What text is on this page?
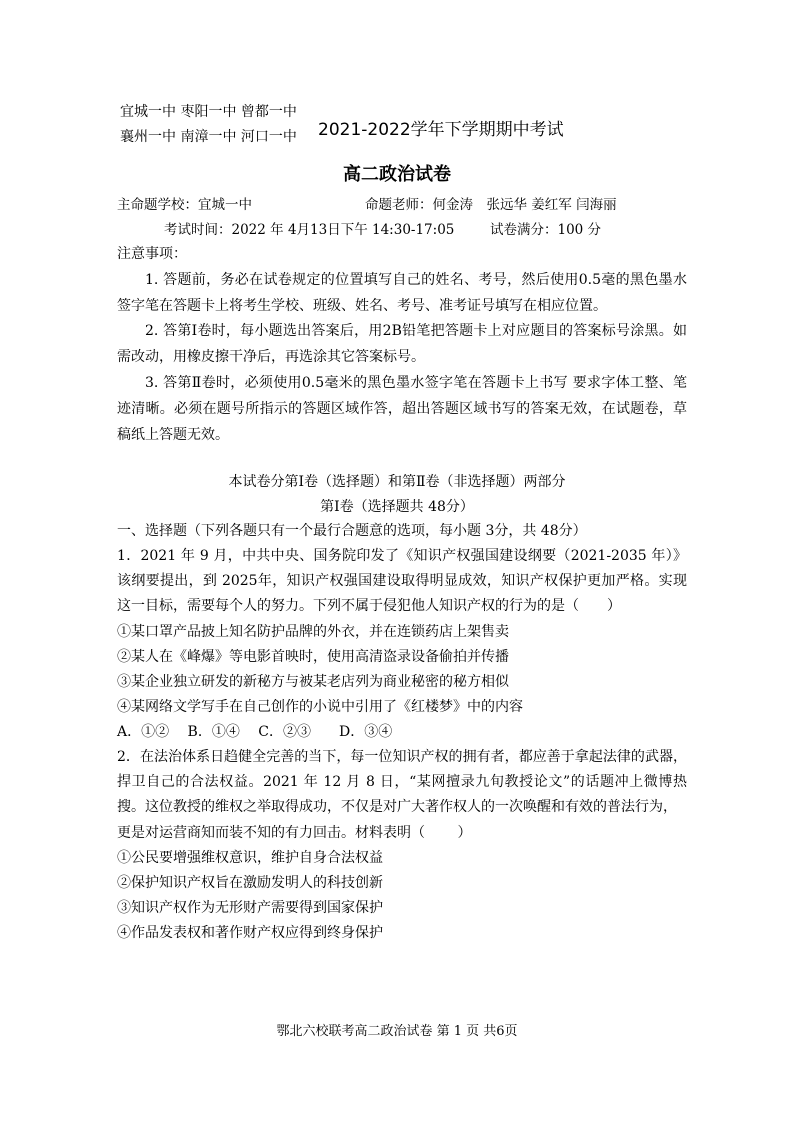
宜城一中 枣阳一中 曾都一中
襄州一中 南漳一中 河口一中 2021-2022学年下学期期中考试
高二政治试卷
主命题学校：宜城一中	命题老师：何金涛　张远华 姜红军 闫海丽
考试时间：2022 年 4月13日下午 14:30-17:05	试卷满分：100 分
注意事项：
1. 答题前，务必在试卷规定的位置填写自己的姓名、考号，然后使用0.5毫的黑色墨水签字笔在答题卡上将考生学校、班级、姓名、考号、准考证号填写在相应位置。
2. 答第Ⅰ卷时，每小题选出答案后，用2B铅笔把答题卡上对应题目的答案标号涂黑。如需改动，用橡皮擦干净后，再选涂其它答案标号。
3. 答第Ⅱ卷时，必须使用0.5毫米的黑色墨水签字笔在答题卡上书写 要求字体工整、笔迹清晰。必须在题号所指示的答题区域作答，超出答题区域书写的答案无效，在试题卷，草稿纸上答题无效。
本试卷分第Ⅰ卷（选择题）和第Ⅱ卷（非选择题）两部分
第Ⅰ卷（选择题共 48分）
一、选择题（下列各题只有一个最行合题意的选项，每小题 3分，共 48分）
1．2021 年 9 月，中共中央、国务院印发了《知识产权强国建设纲要（2021-2035 年）》该纲要提出，到 2025年，知识产权强国建设取得明显成效，知识产权保护更加严格。实现这一目标，需要每个人的努力。下列不属于侵犯他人知识产权的行为的是（　　）
①某口罩产品披上知名防护品牌的外衣，并在连锁药店上架售卖
②某人在《峰爆》等电影首映时，使用高清盗录设备偷拍并传播
③某企业独立研发的新秘方与被某老店列为商业秘密的秘方相似
④某网络文学写手在自己创作的小说中引用了《红楼梦》中的内容
A．①②　 B．①④　 C．②③　　D．③④
2．在法治体系日趋健全完善的当下，每一位知识产权的拥有者，都应善于拿起法律的武器，捍卫自己的合法权益。2021 年 12 月 8 日，“某网擅录九旬教授论文”的话题冲上微博热搜。这位教授的维权之举取得成功，不仅是对广大著作权人的一次唤醒和有效的普法行为，
更是对运营商知而装不知的有力回击。材料表明（　　 ）
①公民要增强维权意识，维护自身合法权益
②保护知识产权旨在激励发明人的科技创新
③知识产权作为无形财产需要得到国家保护
④作品发表权和著作财产权应得到终身保护
鄂北六校联考高二政治试卷 第 1 页 共6页
